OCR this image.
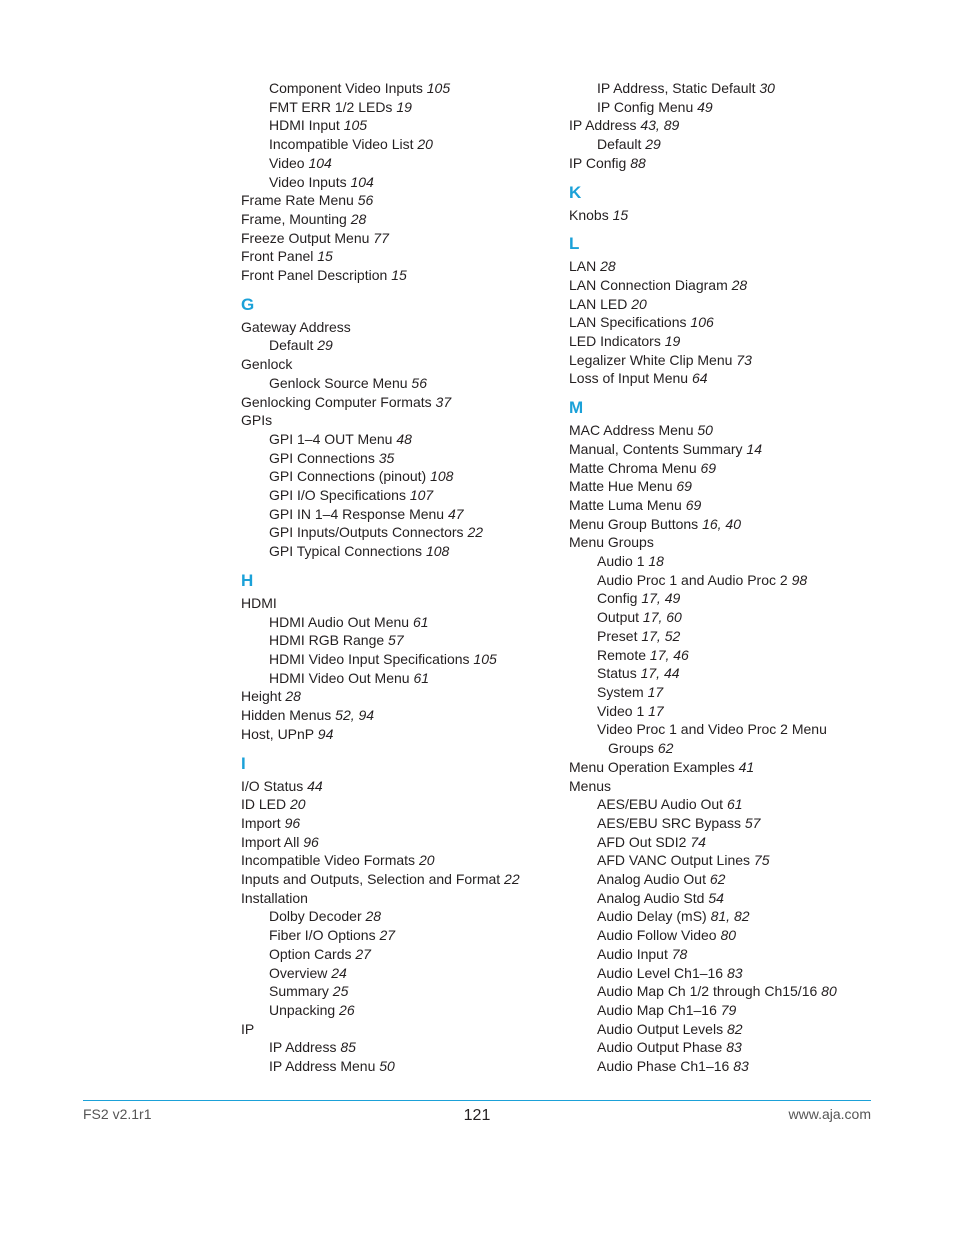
Component Video Inputs 105
FMT ERR 1/2 LEDs 19
HDMI Input 105
Incompatible Video List 20
Video 104
Video Inputs 104
Frame Rate Menu 56
Frame, Mounting 28
Freeze Output Menu 77
Front Panel 15
Front Panel Description 15
G
Gateway Address
Default 29
Genlock
Genlock Source Menu 56
Genlocking Computer Formats 37
GPIs
GPI 1–4 OUT Menu 48
GPI Connections 35
GPI Connections (pinout) 108
GPI I/O Specifications 107
GPI IN 1–4 Response Menu 47
GPI Inputs/Outputs Connectors 22
GPI Typical Connections 108
H
HDMI
HDMI Audio Out Menu 61
HDMI RGB Range 57
HDMI Video Input Specifications 105
HDMI Video Out Menu 61
Height 28
Hidden Menus 52, 94
Host, UPnP 94
I
I/O Status 44
ID LED 20
Import 96
Import All 96
Incompatible Video Formats 20
Inputs and Outputs, Selection and Format 22
Installation
Dolby Decoder 28
Fiber I/O Options 27
Option Cards 27
Overview 24
Summary 25
Unpacking 26
IP
IP Address 85
IP Address Menu 50
IP Address, Static Default 30
IP Config Menu 49
IP Address 43, 89
Default 29
IP Config 88
K
Knobs 15
L
LAN 28
LAN Connection Diagram 28
LAN LED 20
LAN Specifications 106
LED Indicators 19
Legalizer White Clip Menu 73
Loss of Input Menu 64
M
MAC Address Menu 50
Manual, Contents Summary 14
Matte Chroma Menu 69
Matte Hue Menu 69
Matte Luma Menu 69
Menu Group Buttons 16, 40
Menu Groups
Audio 1 18
Audio Proc 1 and Audio Proc 2 98
Config 17, 49
Output 17, 60
Preset 17, 52
Remote 17, 46
Status 17, 44
System 17
Video 1 17
Video Proc 1 and Video Proc 2 Menu
Groups 62
Menu Operation Examples 41
Menus
AES/EBU Audio Out 61
AES/EBU SRC Bypass 57
AFD Out SDI2 74
AFD VANC Output Lines 75
Analog Audio Out 62
Analog Audio Std 54
Audio Delay (mS) 81, 82
Audio Follow Video 80
Audio Input 78
Audio Level Ch1–16 83
Audio Map Ch 1/2 through Ch15/16 80
Audio Map Ch1–16 79
Audio Output Levels 82
Audio Output Phase 83
Audio Phase Ch1–16 83
FS2 v2.1r1	121	www.aja.com
